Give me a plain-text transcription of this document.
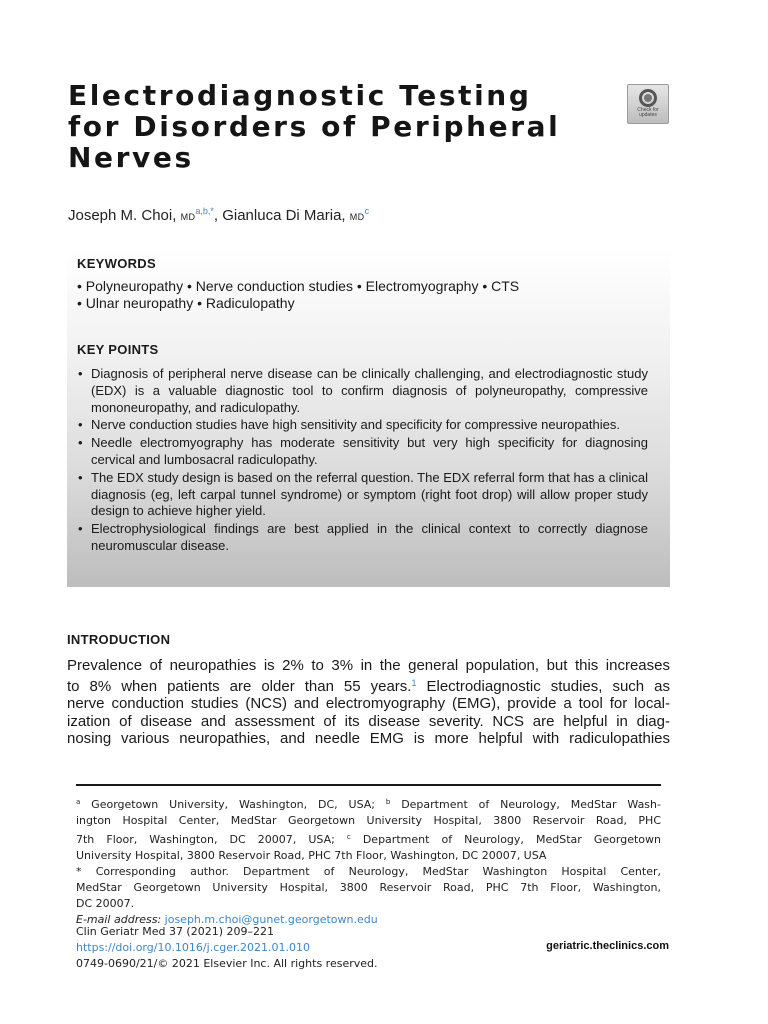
Electrodiagnostic Testing
for Disorders of Peripheral
Nerves
Check for
updates
Joseph M. Choi, $MD^{a,b,*}$, Gianluca Di Maria, $MD^c$
KEYWORDS
• Polyneuropathy • Nerve conduction studies • Electromyography • CTS
• Ulnar neuropathy • Radiculopathy
KEY POINTS
• Diagnosis of peripheral nerve disease can be clinically challenging, and electrodiagnostic study (EDX) is a valuable diagnostic tool to confirm diagnosis of polyneuropathy, compressive mononeuropathy, and radiculopathy.
• Nerve conduction studies have high sensitivity and specificity for compressive neuropathies.
• Needle electromyography has moderate sensitivity but very high specificity for diagnosing cervical and lumbosacral radiculopathy.
• The EDX study design is based on the referral question. The EDX referral form that has a clinical diagnosis (eg, left carpal tunnel syndrome) or symptom (right foot drop) will allow proper study design to achieve higher yield.
• Electrophysiological findings are best applied in the clinical context to correctly diagnose neuromuscular disease.
INTRODUCTION
Prevalence of neuropathies is 2% to 3% in the general population, but this increases
to 8% when patients are older than 55 years.$^1$ Electrodiagnostic studies, such as
nerve conduction studies (NCS) and electromyography (EMG), provide a tool for local-
ization of disease and assessment of its disease severity. NCS are helpful in diag-
nosing various neuropathies, and needle EMG is more helpful with radiculopathies
$^a$ Georgetown University, Washington, DC, USA; $^b$ Department of Neurology, MedStar Wash-
ington Hospital Center, MedStar Georgetown University Hospital, 3800 Reservoir Road, PHC
7th Floor, Washington, DC 20007, USA; $^c$ Department of Neurology, MedStar Georgetown
University Hospital, 3800 Reservoir Road, PHC 7th Floor, Washington, DC 20007, USA
* Corresponding author. Department of Neurology, MedStar Washington Hospital Center,
MedStar Georgetown University Hospital, 3800 Reservoir Road, PHC 7th Floor, Washington,
DC 20007.
E-mail address: joseph.m.choi@gunet.georgetown.edu
Clin Geriatr Med 37 (2021) 209–221
https://doi.org/10.1016/j.cger.2021.01.010
0749-0690/21/© 2021 Elsevier Inc. All rights reserved.
geriatric.theclinics.com
